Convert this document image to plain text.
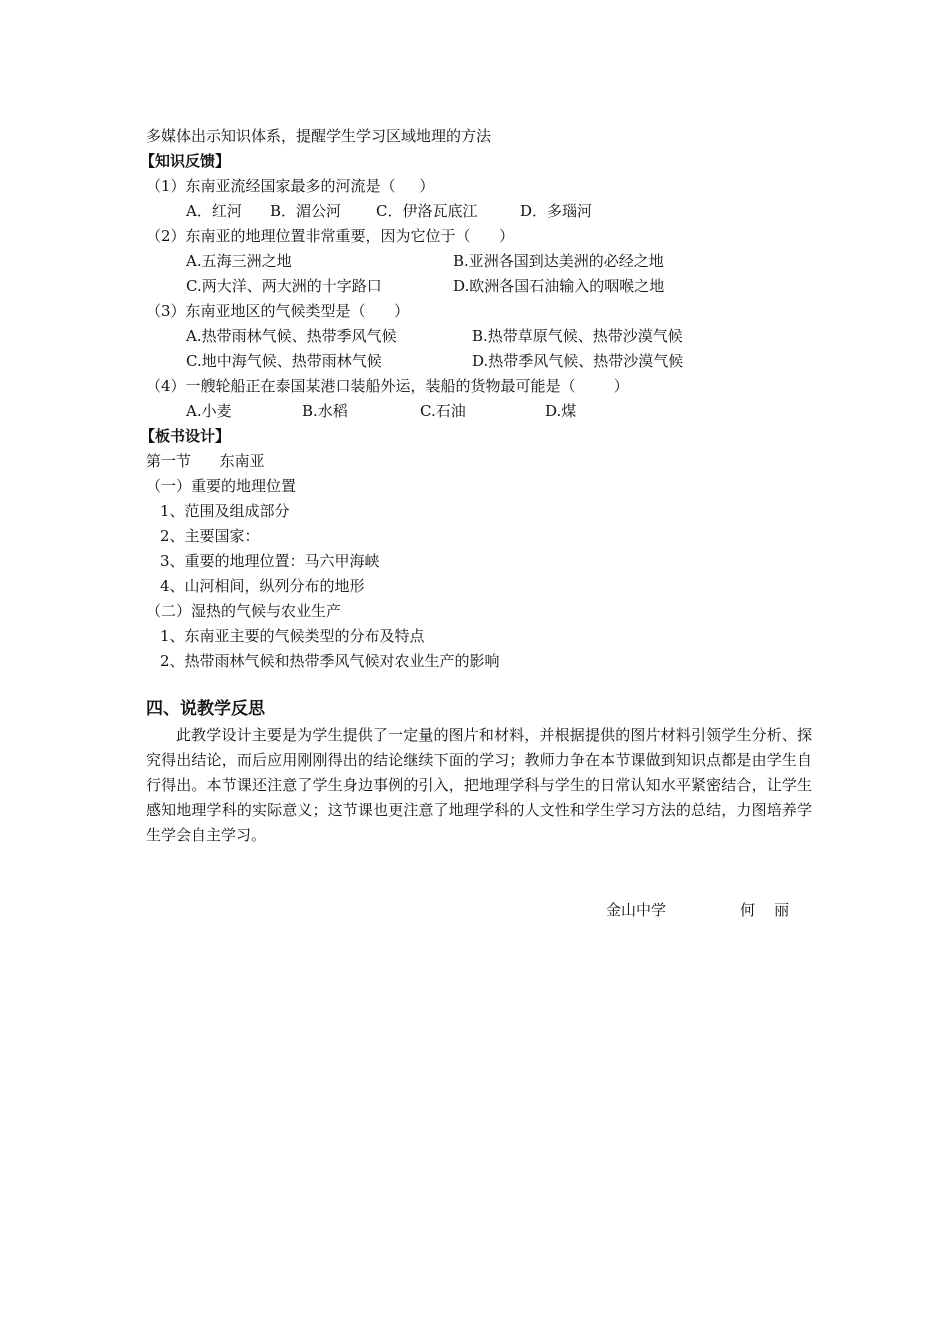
多媒体出示知识体系，提醒学生学习区域地理的方法
【知识反馈】
（1）东南亚流经国家最多的河流是（     ）
A．红河 B．湄公河 C．伊洛瓦底江	D．多瑙河
（2）东南亚的地理位置非常重要，因为它位于（      ）
A.五海三洲之地	B.亚洲各国到达美洲的必经之地
C.两大洋、两大洲的十字路口	D.欧洲各国石油输入的咽喉之地
（3）东南亚地区的气候类型是（      ）
A.热带雨林气候、热带季风气候	B.热带草原气候、热带沙漠气候
C.地中海气候、热带雨林气候	D.热带季风气候、热带沙漠气候
（4）一艘轮船正在泰国某港口装船外运，装船的货物最可能是（        ）
A.小麦	B.水稻	C.石油	D.煤
【板书设计】
第一节      东南亚
（一）重要的地理位置
1、范围及组成部分
2、主要国家：
3、重要的地理位置：马六甲海峡
4、山河相间，纵列分布的地形
（二）湿热的气候与农业生产
1、东南亚主要的气候类型的分布及特点
2、热带雨林气候和热带季风气候对农业生产的影响
四、说教学反思
此教学设计主要是为学生提供了一定量的图片和材料，并根据提供的图片材料引领学生分析、探究得出结论，而后应用刚刚得出的结论继续下面的学习；教师力争在本节课做到知识点都是由学生自行得出。本节课还注意了学生身边事例的引入，把地理学科与学生的日常认知水平紧密结合，让学生感知地理学科的实际意义；这节课也更注意了地理学科的人文性和学生学习方法的总结，力图培养学生学会自主学习。
金山中学	何    丽
